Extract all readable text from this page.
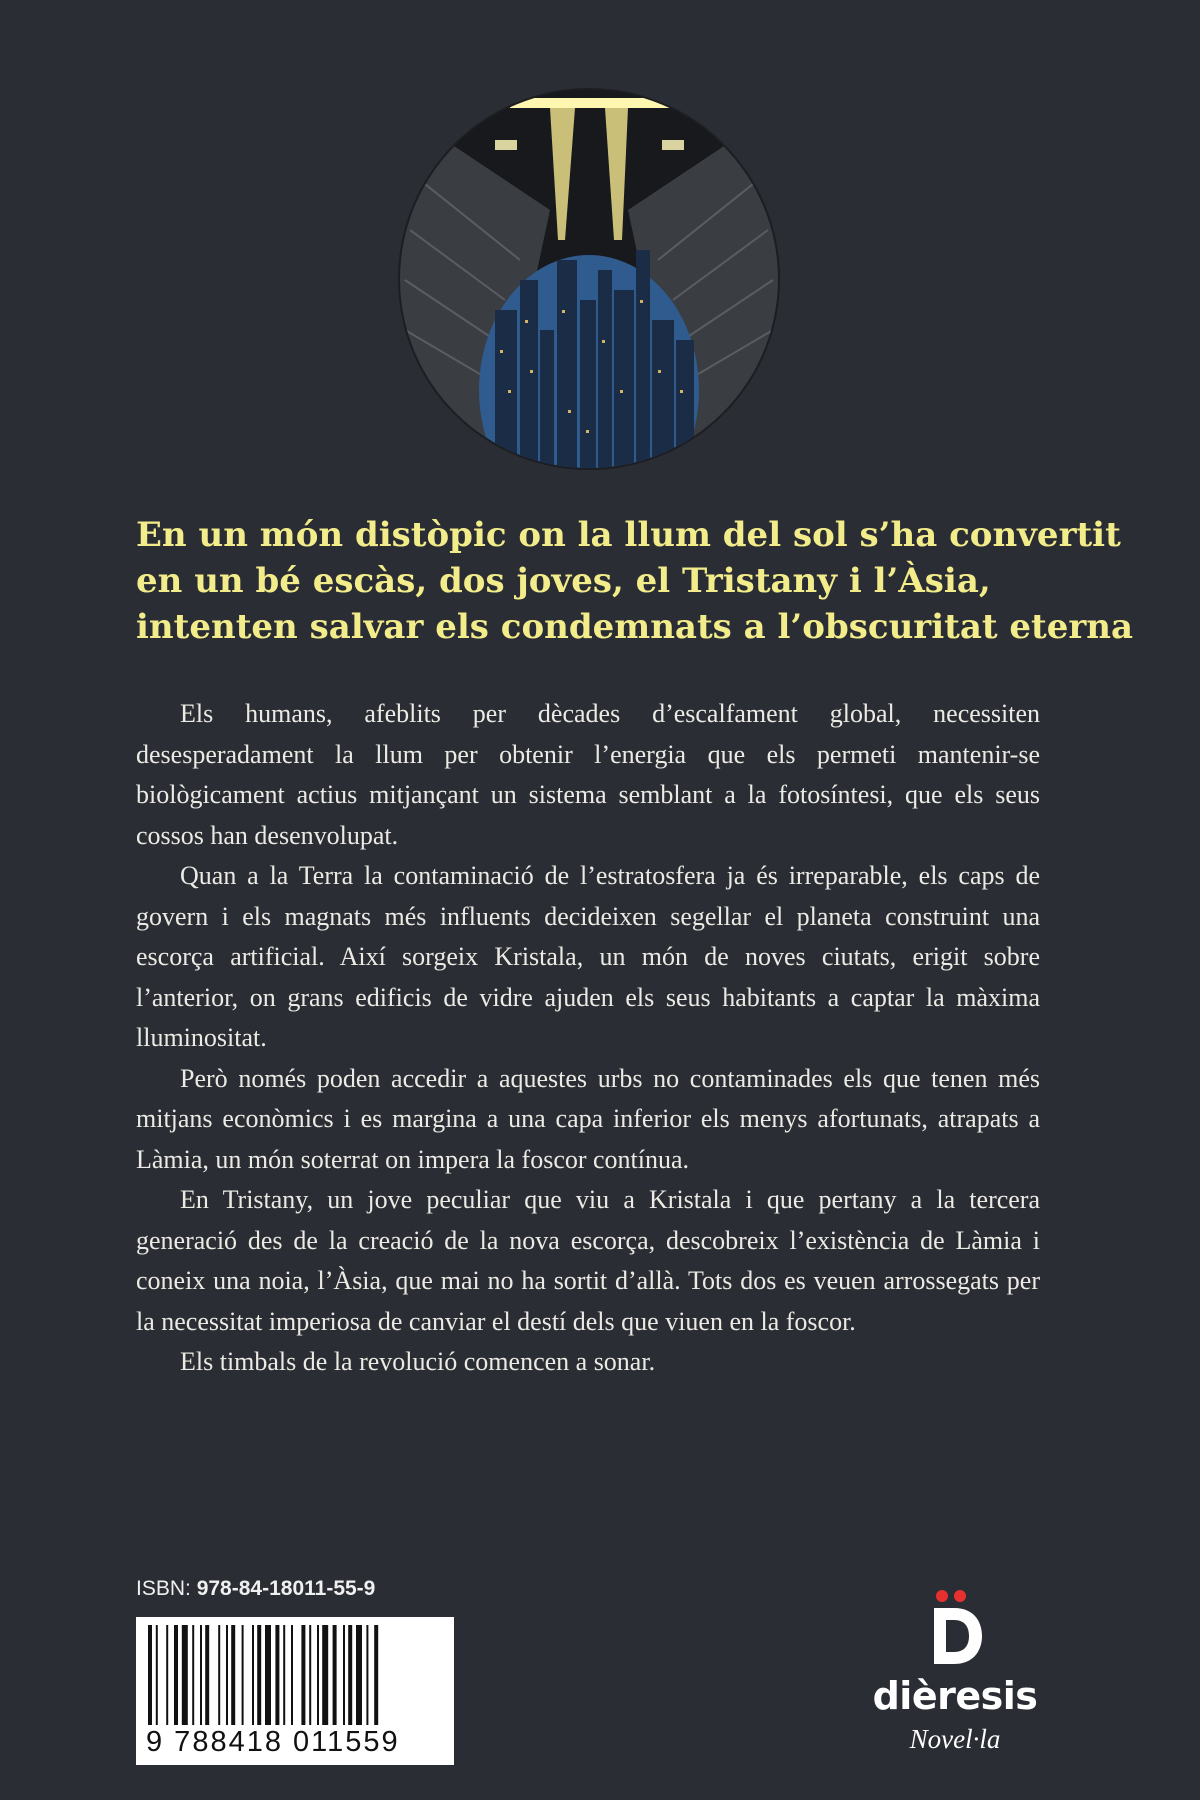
En un món distòpic on la llum del sol s’ha convertit
en un bé escàs, dos joves, el Tristany i l’Àsia,
intenten salvar els condemnats a l’obscuritat eterna

Els humans, afeblits per dècades d’escalfament global, necessiten desesperadament la llum per obtenir l’energia que els permeti mantenir-se biològicament actius mitjançant un sistema semblant a la fotosíntesi, que els seus cossos han desenvolupat.

Quan a la Terra la contaminació de l’estratosfera ja és irreparable, els caps de govern i els magnats més influents decideixen segellar el planeta construint una escorça artificial. Així sorgeix Kristala, un món de noves ciutats, erigit sobre l’anterior, on grans edificis de vidre ajuden els seus habitants a captar la màxima lluminositat.

Però només poden accedir a aquestes urbs no contaminades els que tenen més mitjans econòmics i es margina a una capa inferior els menys afortunats, atrapats a Làmia, un món soterrat on impera la foscor contínua.

En Tristany, un jove peculiar que viu a Kristala i que pertany a la tercera generació des de la creació de la nova escorça, descobreix l’existència de Làmia i coneix una noia, l’Àsia, que mai no ha sortit d’allà. Tots dos es veuen arrossegats per la necessitat imperiosa de canviar el destí dels que viuen en la foscor.

Els timbals de la revolució comencen a sonar.

ISBN: 978-84-18011-55-9
9 788418 011559
dièresis
Novel·la
